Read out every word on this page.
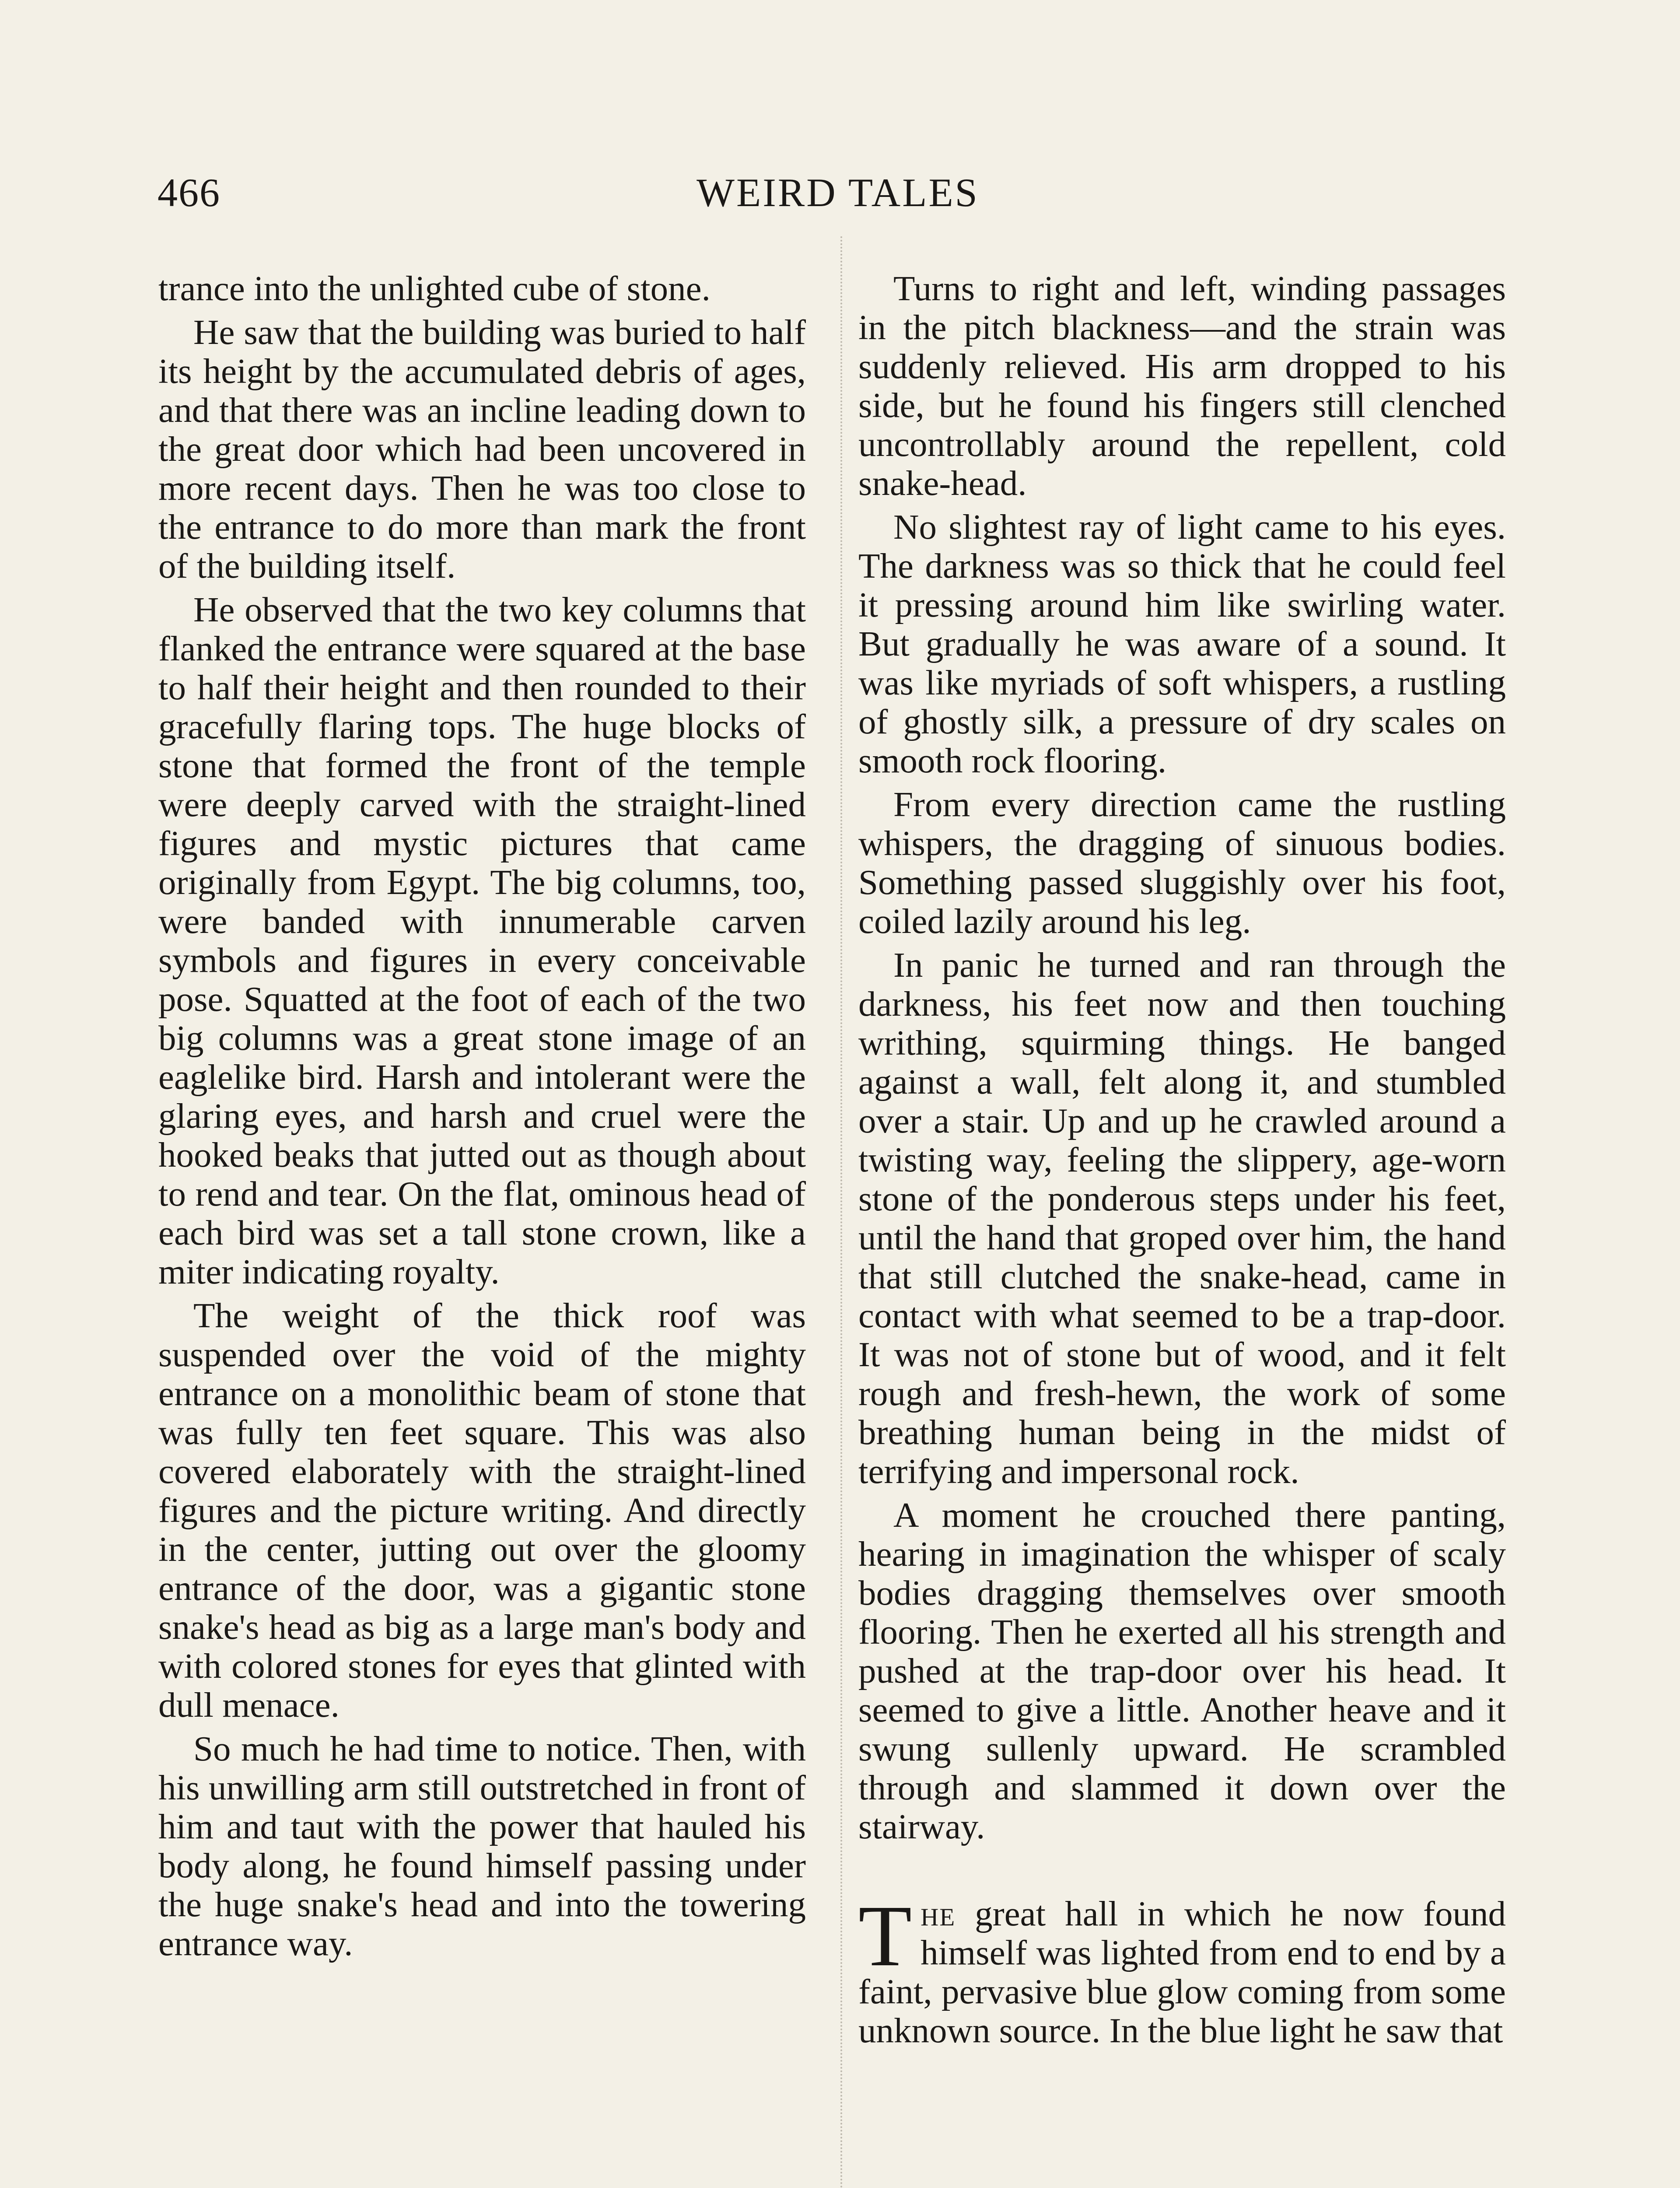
466	WEIRD TALES

trance into the unlighted cube of stone.

He saw that the building was buried to half its height by the accumulated debris of ages, and that there was an incline leading down to the great door which had been uncovered in more recent days. Then he was too close to the entrance to do more than mark the front of the building itself.

He observed that the two key columns that flanked the entrance were squared at the base to half their height and then rounded to their gracefully flaring tops. The huge blocks of stone that formed the front of the temple were deeply carved with the straight-lined figures and mystic pictures that came originally from Egypt. The big columns, too, were banded with innumerable carven symbols and figures in every conceivable pose. Squatted at the foot of each of the two big columns was a great stone image of an eaglelike bird. Harsh and intolerant were the glaring eyes, and harsh and cruel were the hooked beaks that jutted out as though about to rend and tear. On the flat, ominous head of each bird was set a tall stone crown, like a miter indicating royalty.

The weight of the thick roof was suspended over the void of the mighty entrance on a monolithic beam of stone that was fully ten feet square. This was also covered elaborately with the straight-lined figures and the picture writing. And directly in the center, jutting out over the gloomy entrance of the door, was a gigantic stone snake's head as big as a large man's body and with colored stones for eyes that glinted with dull menace.

So much he had time to notice. Then, with his unwilling arm still outstretched in front of him and taut with the power that hauled his body along, he found himself passing under the huge snake's head and into the towering entrance way.

Turns to right and left, winding passages in the pitch blackness—and the strain was suddenly relieved. His arm dropped to his side, but he found his fingers still clenched uncontrollably around the repellent, cold snake-head.

No slightest ray of light came to his eyes. The darkness was so thick that he could feel it pressing around him like swirling water. But gradually he was aware of a sound. It was like myriads of soft whispers, a rustling of ghostly silk, a pressure of dry scales on smooth rock flooring.

From every direction came the rustling whispers, the dragging of sinuous bodies. Something passed sluggishly over his foot, coiled lazily around his leg.

In panic he turned and ran through the darkness, his feet now and then touching writhing, squirming things. He banged against a wall, felt along it, and stumbled over a stair. Up and up he crawled around a twisting way, feeling the slippery, age-worn stone of the ponderous steps under his feet, until the hand that groped over him, the hand that still clutched the snake-head, came in contact with what seemed to be a trap-door. It was not of stone but of wood, and it felt rough and fresh-hewn, the work of some breathing human being in the midst of terrifying and impersonal rock.

A moment he crouched there panting, hearing in imagination the whisper of scaly bodies dragging themselves over smooth flooring. Then he exerted all his strength and pushed at the trap-door over his head. It seemed to give a little. Another heave and it swung sullenly upward. He scrambled through and slammed it down over the stairway.

The great hall in which he now found himself was lighted from end to end by a faint, pervasive blue glow coming from some unknown source. In the blue light he saw that
